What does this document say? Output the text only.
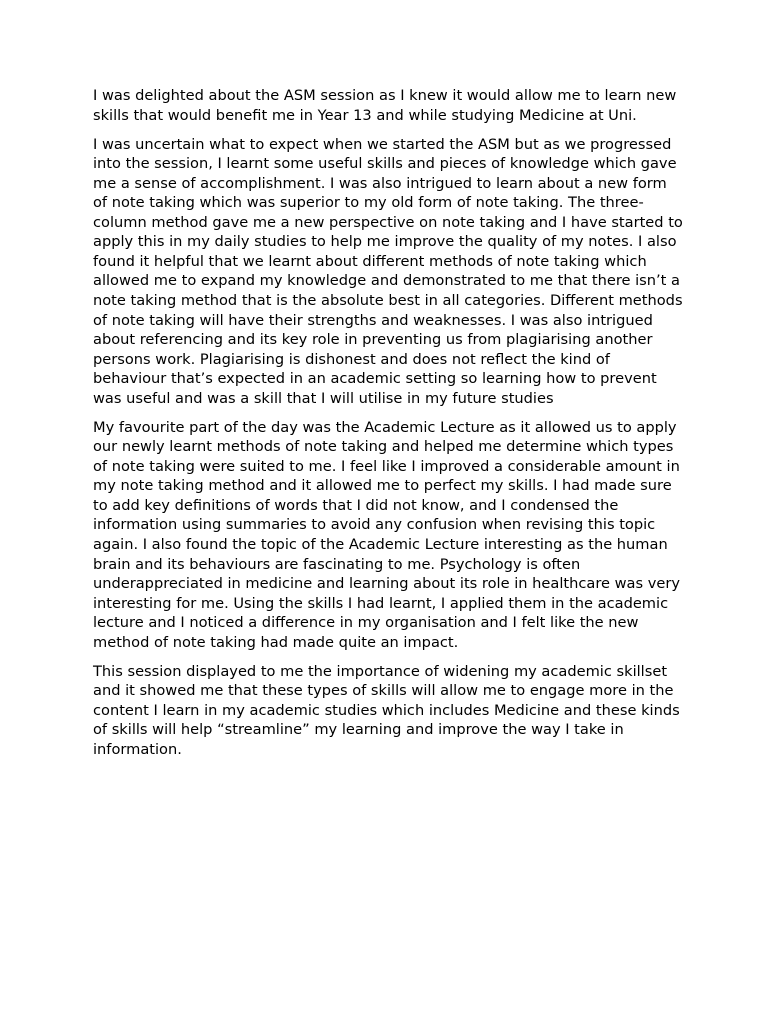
I was delighted about the ASM session as I knew it would allow me to learn new skills that would benefit me in Year 13 and while studying Medicine at Uni.

I was uncertain what to expect when we started the ASM but as we progressed into the session, I learnt some useful skills and pieces of knowledge which gave me a sense of accomplishment. I was also intrigued to learn about a new form of note taking which was superior to my old form of note taking. The three-column method gave me a new perspective on note taking and I have started to apply this in my daily studies to help me improve the quality of my notes. I also found it helpful that we learnt about different methods of note taking which allowed me to expand my knowledge and demonstrated to me that there isn’t a note taking method that is the absolute best in all categories. Different methods of note taking will have their strengths and weaknesses. I was also intrigued about referencing and its key role in preventing us from plagiarising another persons work. Plagiarising is dishonest and does not reflect the kind of behaviour that’s expected in an academic setting so learning how to prevent was useful and was a skill that I will utilise in my future studies

My favourite part of the day was the Academic Lecture as it allowed us to apply our newly learnt methods of note taking and helped me determine which types of note taking were suited to me. I feel like I improved a considerable amount in my note taking method and it allowed me to perfect my skills. I had made sure to add key definitions of words that I did not know, and I condensed the information using summaries to avoid any confusion when revising this topic again. I also found the topic of the Academic Lecture interesting as the human brain and its behaviours are fascinating to me. Psychology is often underappreciated in medicine and learning about its role in healthcare was very interesting for me. Using the skills I had learnt, I applied them in the academic lecture and I noticed a difference in my organisation and I felt like the new method of note taking had made quite an impact.

This session displayed to me the importance of widening my academic skillset and it showed me that these types of skills will allow me to engage more in the content I learn in my academic studies which includes Medicine and these kinds of skills will help “streamline” my learning and improve the way I take in information.
